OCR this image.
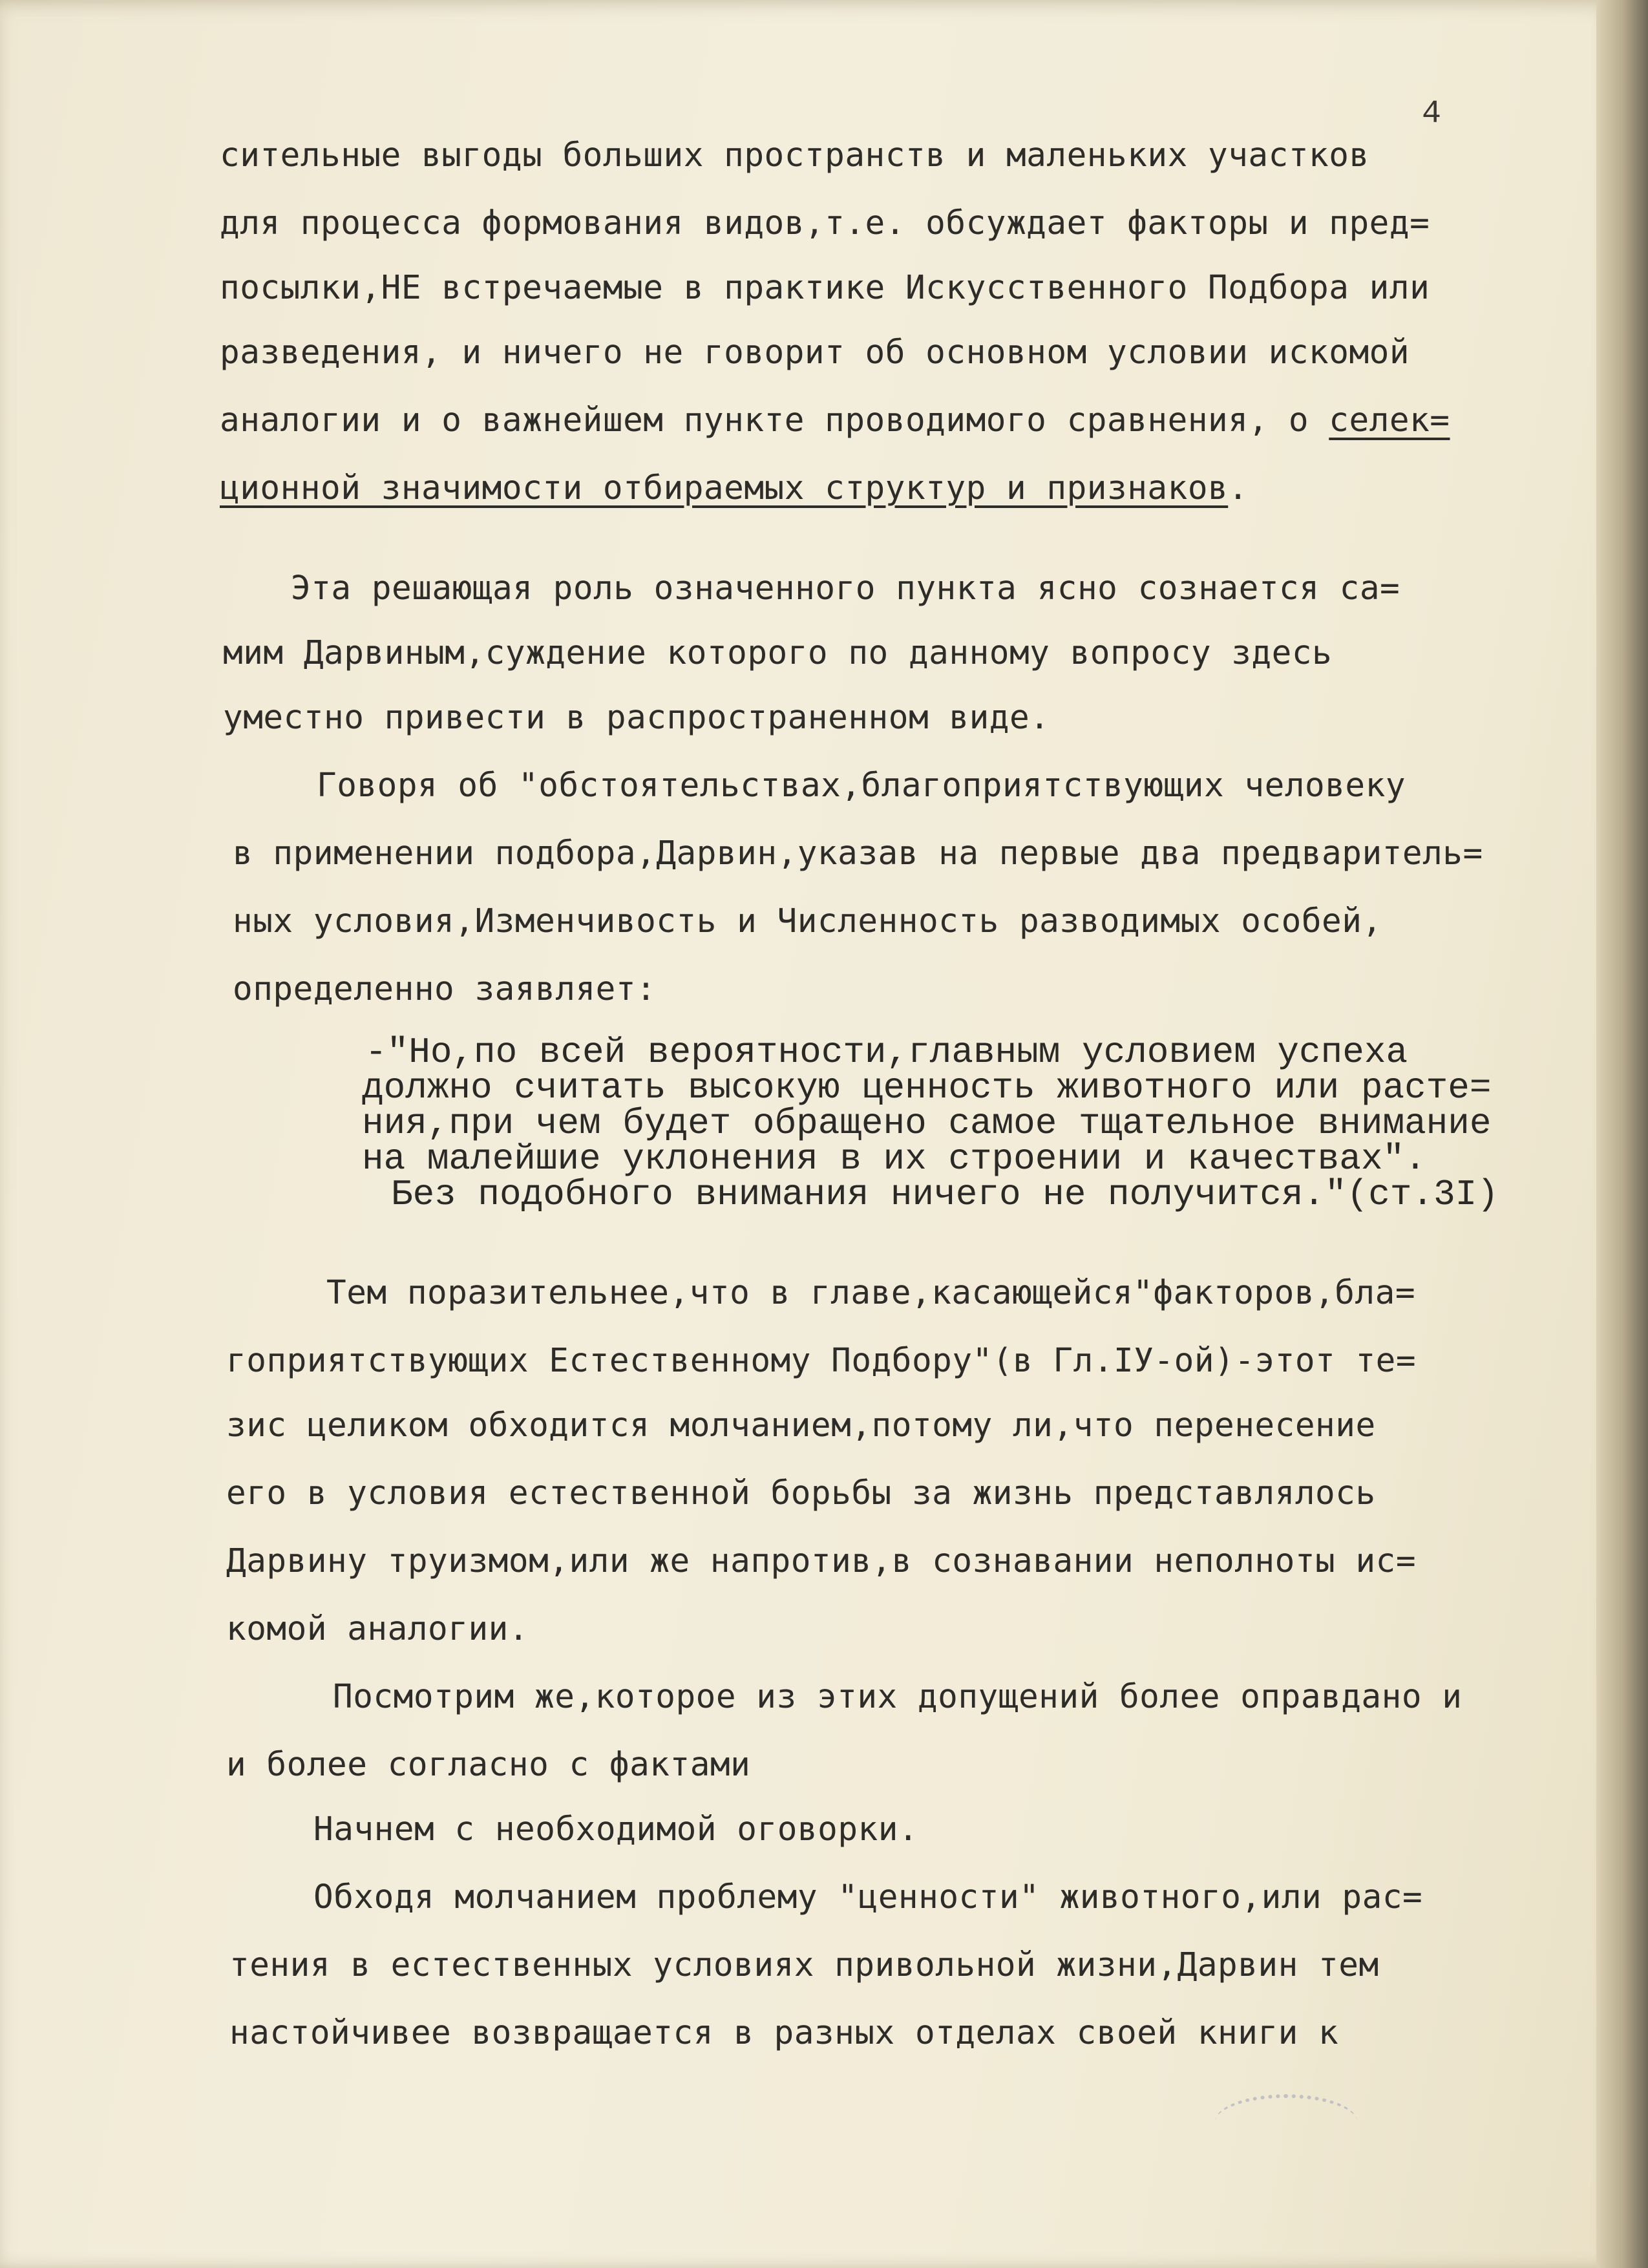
4
сительные выгоды больших пространств и маленьких участков
для процесса формования видов,т.е. обсуждает факторы и пред=
посылки,НЕ встречаемые в практике Искусственного Подбора или
разведения, и ничего не говорит об основном условии искомой
аналогии и о важнейшем пункте проводимого сравнения, о селек=
ционной значимости отбираемых структур и признаков.
Эта решающая роль означенного пункта ясно сознается са=
мим Дарвиным,суждение которого по данному вопросу здесь
уместно привести в распространенном виде.
Говоря об "обстоятельствах,благоприятствующих человеку
в применении подбора,Дарвин,указав на первые два предваритель=
ных условия,Изменчивость и Численность разводимых особей,
определенно заявляет:
-"Но,по всей вероятности,главным условием успеха
должно считать высокую ценность животного или расте=
ния,при чем будет обращено самое тщательное внимание
на малейшие уклонения в их строении и качествах".
Без подобного внимания ничего не получится."(ст.3I)
Тем поразительнее,что в главе,касающейся"факторов,бла=
гоприятствующих Естественному Подбору"(в Гл.IУ-ой)-этот те=
зис целиком обходится молчанием,потому ли,что перенесение
его в условия естественной борьбы за жизнь представлялось
Дарвину труизмом,или же напротив,в сознавании неполноты ис=
комой аналогии.
Посмотрим же,которое из этих допущений более оправдано и
и более согласно с фактами
Начнем с необходимой оговорки.
Обходя молчанием проблему "ценности" животного,или рас=
тения в естественных условиях привольной жизни,Дарвин тем
настойчивее возвращается в разных отделах своей книги к
